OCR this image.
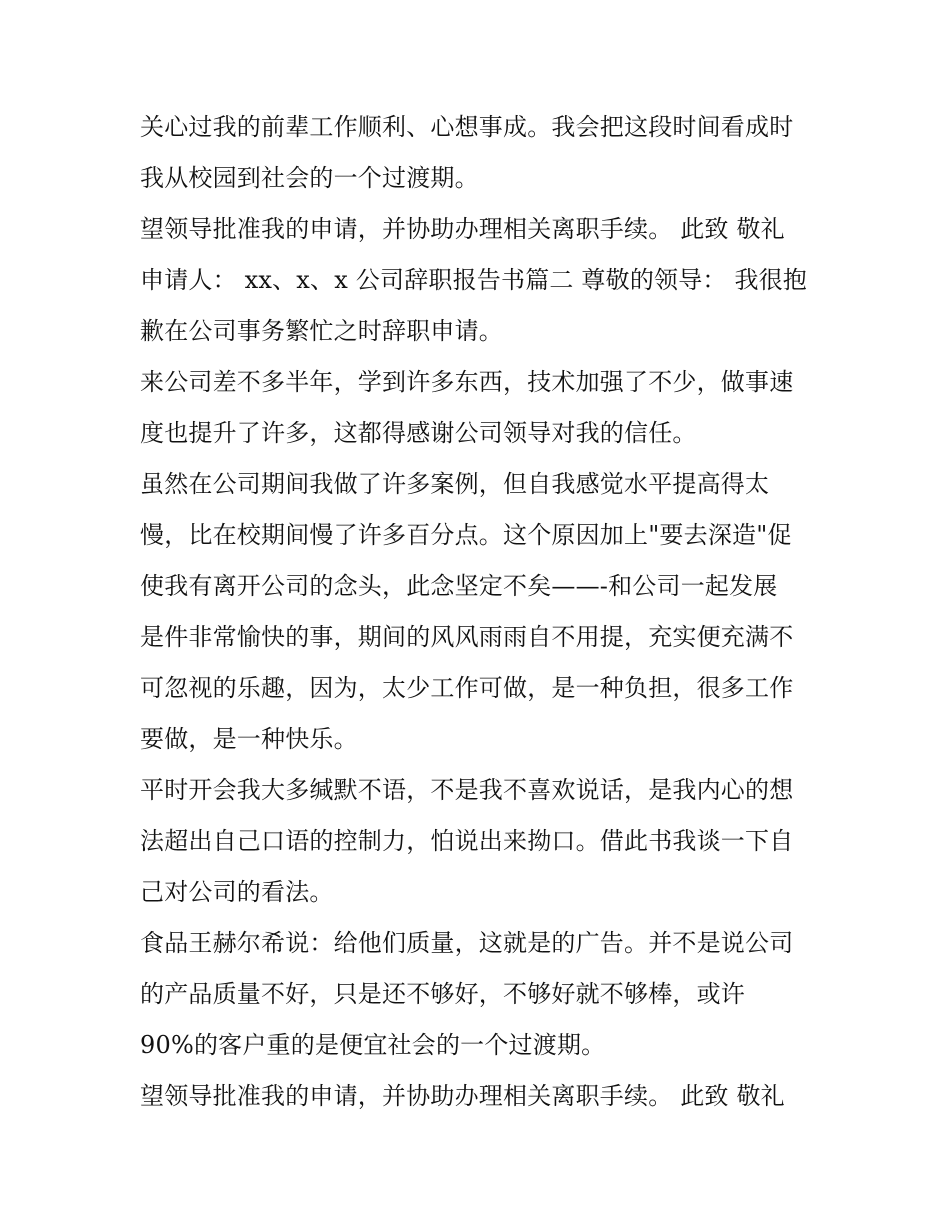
关心过我的前辈工作顺利、心想事成。我会把这段时间看成时
我从校园到社会的一个过渡期。
望领导批准我的申请，并协助办理相关离职手续。 此致 敬礼
申请人： xx、x、x 公司辞职报告书篇二 尊敬的领导： 我很抱
歉在公司事务繁忙之时辞职申请。
来公司差不多半年，学到许多东西，技术加强了不少，做事速
度也提升了许多，这都得感谢公司领导对我的信任。
虽然在公司期间我做了许多案例，但自我感觉水平提高得太
慢，比在校期间慢了许多百分点。这个原因加上"要去深造"促
使我有离开公司的念头，此念坚定不矣——-和公司一起发展
是件非常愉快的事，期间的风风雨雨自不用提，充实便充满不
可忽视的乐趣，因为，太少工作可做，是一种负担，很多工作
要做，是一种快乐。
平时开会我大多缄默不语，不是我不喜欢说话，是我内心的想
法超出自己口语的控制力，怕说出来拗口。借此书我谈一下自
己对公司的看法。
食品王赫尔希说：给他们质量，这就是的广告。并不是说公司
的产品质量不好，只是还不够好，不够好就不够棒，或许
90%的客户重的是便宜社会的一个过渡期。
望领导批准我的申请，并协助办理相关离职手续。 此致 敬礼
